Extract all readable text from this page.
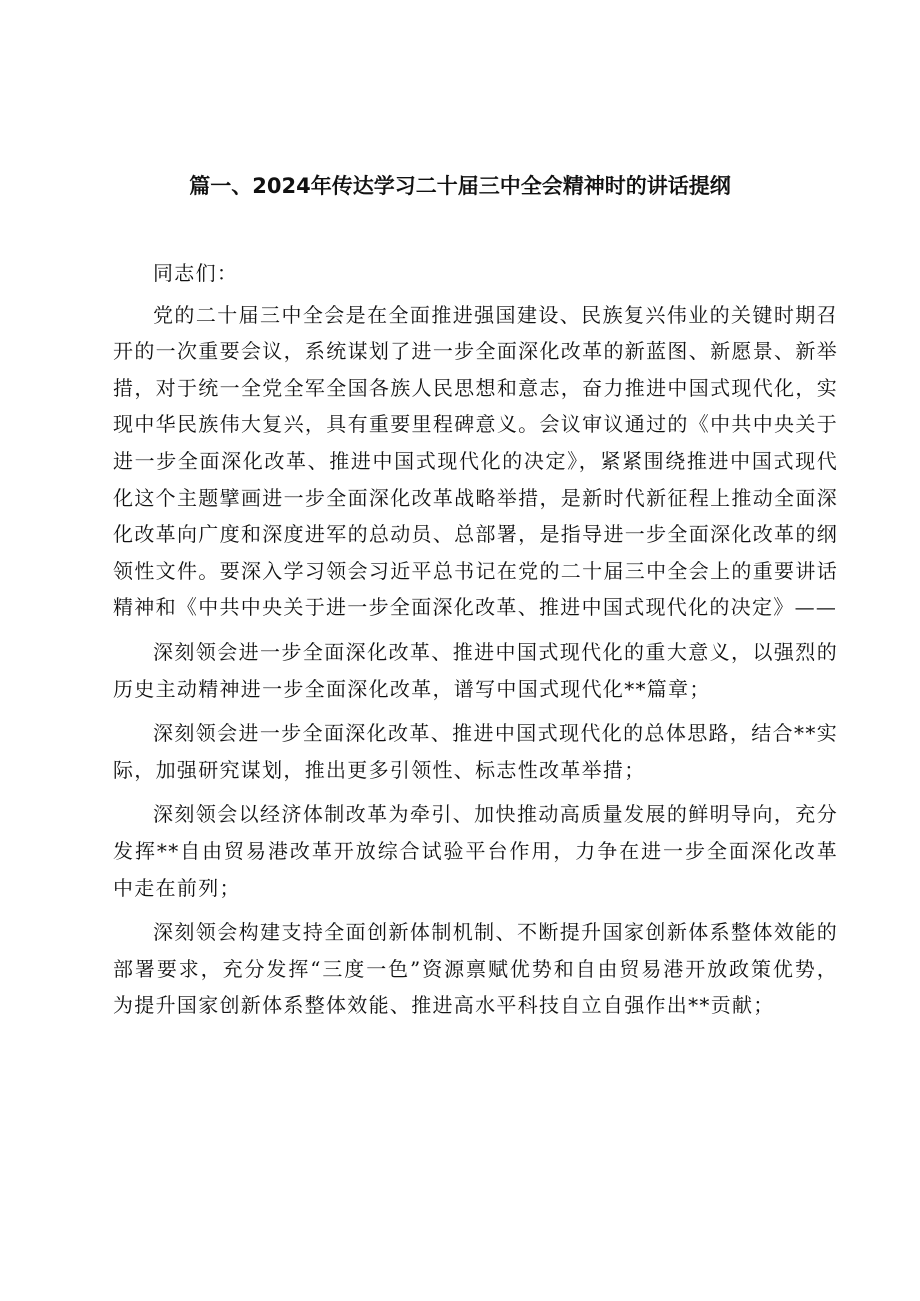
篇一、2024年传达学习二十届三中全会精神时的讲话提纲

同志们：

党的二十届三中全会是在全面推进强国建设、民族复兴伟业的关键时期召开的一次重要会议，系统谋划了进一步全面深化改革的新蓝图、新愿景、新举措，对于统一全党全军全国各族人民思想和意志，奋力推进中国式现代化，实现中华民族伟大复兴，具有重要里程碑意义。会议审议通过的《中共中央关于进一步全面深化改革、推进中国式现代化的决定》，紧紧围绕推进中国式现代化这个主题擘画进一步全面深化改革战略举措，是新时代新征程上推动全面深化改革向广度和深度进军的总动员、总部署，是指导进一步全面深化改革的纲领性文件。要深入学习领会习近平总书记在党的二十届三中全会上的重要讲话精神和《中共中央关于进一步全面深化改革、推进中国式现代化的决定》——

深刻领会进一步全面深化改革、推进中国式现代化的重大意义，以强烈的历史主动精神进一步全面深化改革，谱写中国式现代化**篇章；

深刻领会进一步全面深化改革、推进中国式现代化的总体思路，结合**实际，加强研究谋划，推出更多引领性、标志性改革举措；

深刻领会以经济体制改革为牵引、加快推动高质量发展的鲜明导向，充分发挥**自由贸易港改革开放综合试验平台作用，力争在进一步全面深化改革中走在前列；

深刻领会构建支持全面创新体制机制、不断提升国家创新体系整体效能的部署要求，充分发挥“三度一色”资源禀赋优势和自由贸易港开放政策优势，为提升国家创新体系整体效能、推进高水平科技自立自强作出**贡献；
